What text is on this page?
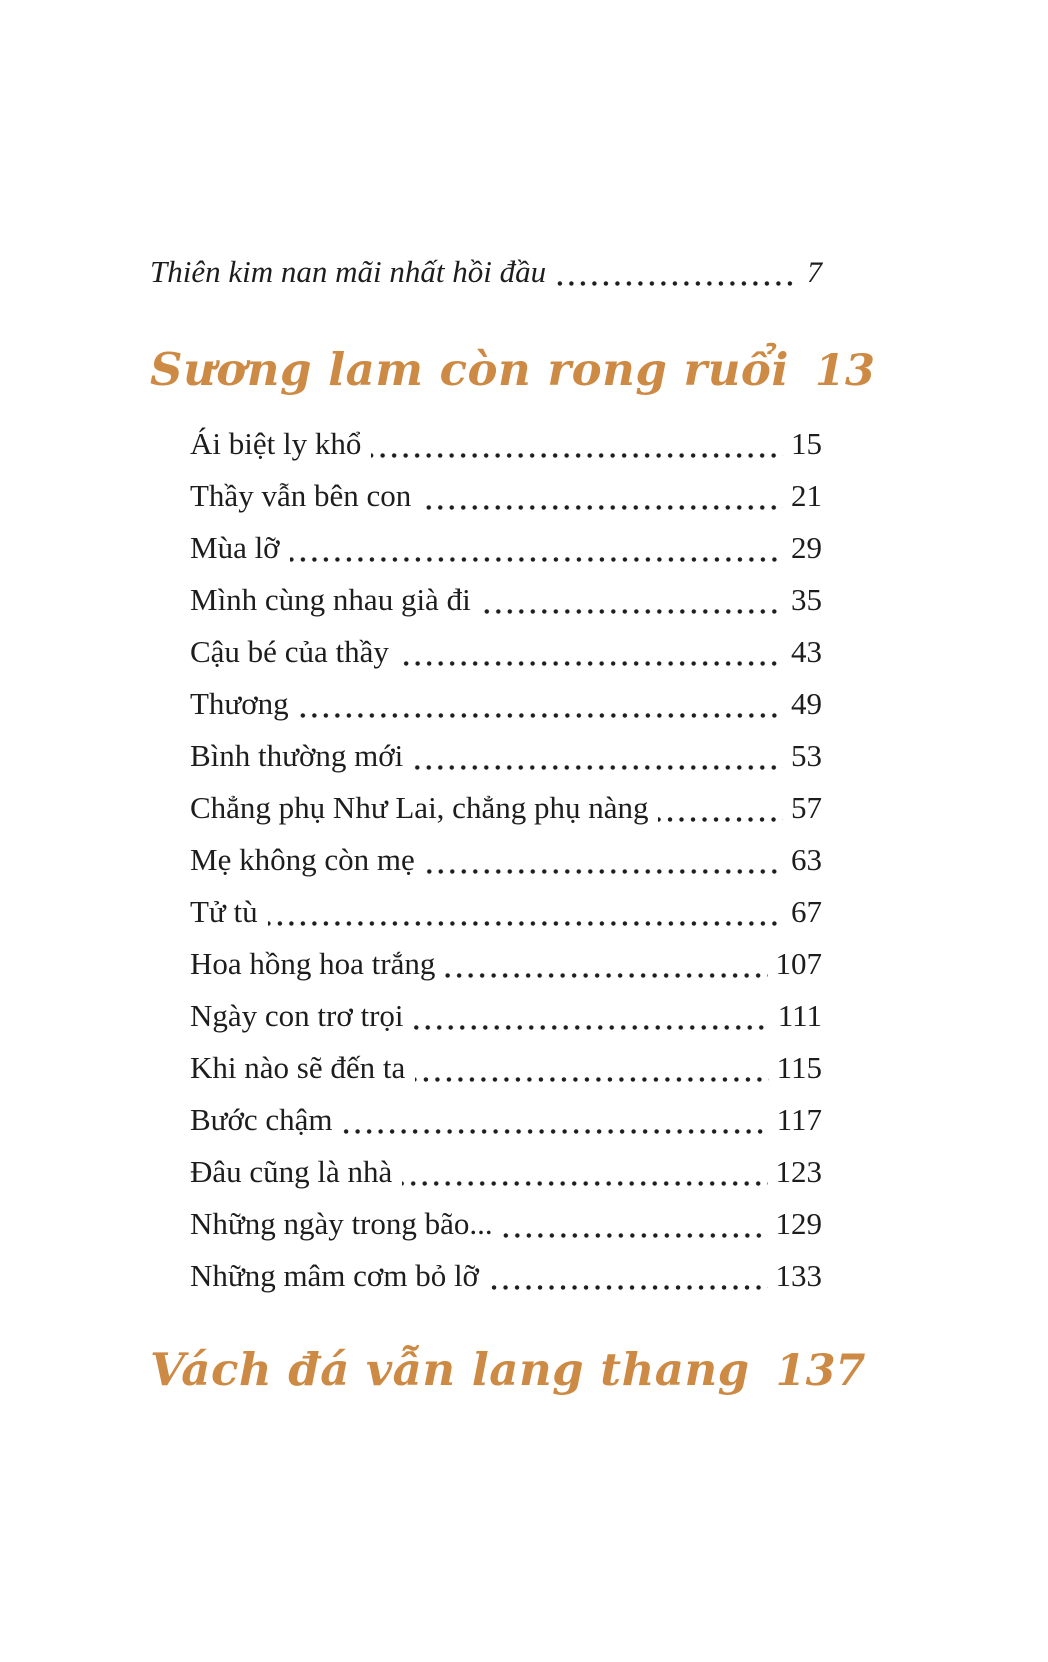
Thiên kim nan mãi nhất hồi đầu	7
Sương lam còn rong ruổi 13
Ái biệt ly khổ	15
Thầy vẫn bên con	21
Mùa lỡ	29
Mình cùng nhau già đi	35
Cậu bé của thầy	43
Thương	49
Bình thường mới	53
Chẳng phụ Như Lai, chẳng phụ nàng	57
Mẹ không còn mẹ	63
Tử tù	67
Hoa hồng hoa trắng	107
Ngày con trơ trọi	111
Khi nào sẽ đến ta	115
Bước chậm	117
Đâu cũng là nhà	123
Những ngày trong bão...	129
Những mâm cơm bỏ lỡ	133
Vách đá vẫn lang thang 137
